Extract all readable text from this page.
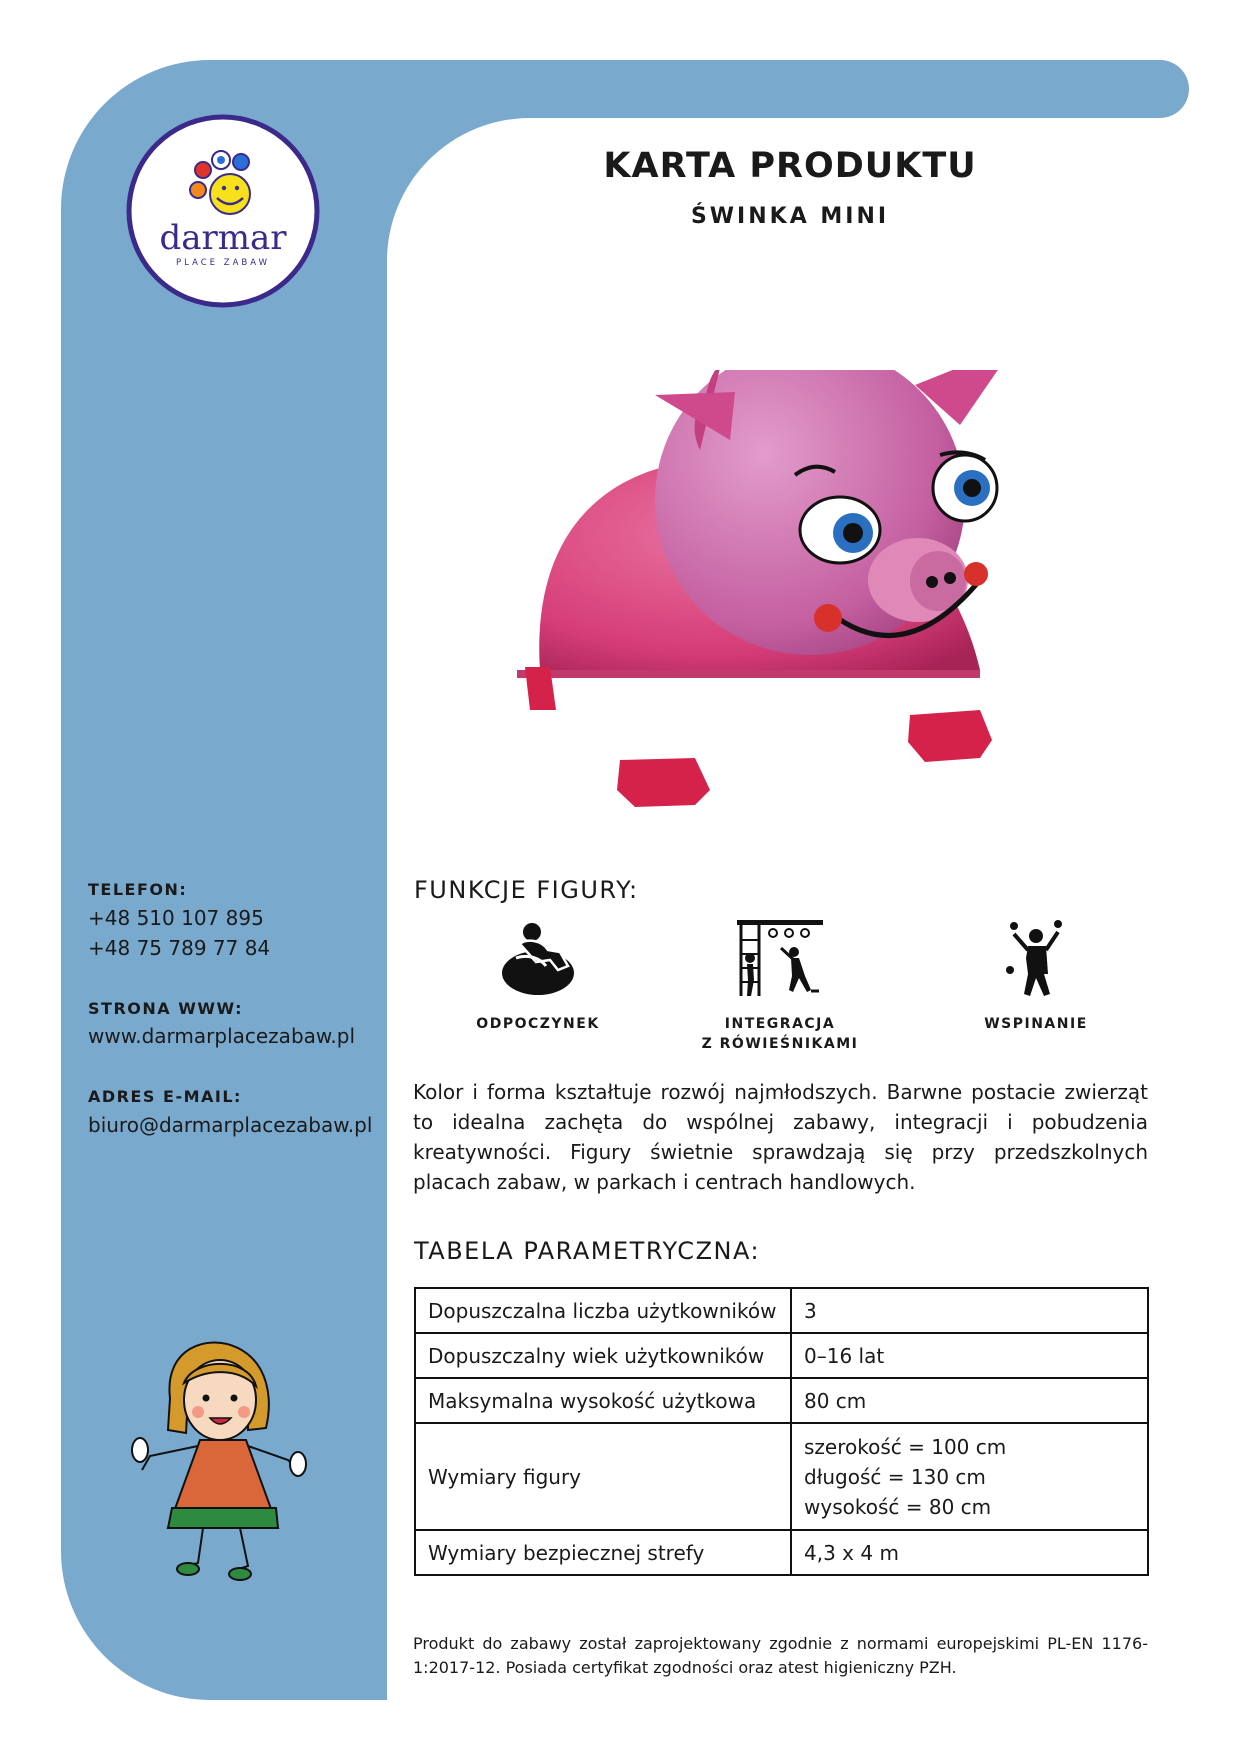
darmar
PLACE ZABAW
KARTA PRODUKTU
ŚWINKA MINI
TELEFON:
+48 510 107 895
+48 75 789 77 84
STRONA WWW:
www.darmarplacezabaw.pl
ADRES E-MAIL:
biuro@darmarplacezabaw.pl
FUNKCJE FIGURY:
ODPOCZYNEK	INTEGRACJA
Z RÓWIEŚNIKAMI
WSPINANIE
Kolor i forma kształtuje rozwój najmłodszych. Barwne postacie zwierząt to idealna zachęta do wspólnej zabawy, integracji i pobudzenia kreatywności. Figury świetnie sprawdzają się przy przedszkolnych placach zabaw, w parkach i centrach handlowych.
TABELA PARAMETRYCZNA:
Dopuszczalna liczba użytkowników	3
Dopuszczalny wiek użytkowników	0–16 lat
Maksymalna wysokość użytkowa	80 cm
Wymiary figury	szerokość = 100 cm
długość = 130 cm
wysokość = 80 cm

Wymiary bezpiecznej strefy	4,3 x 4 m
Produkt do zabawy został zaprojektowany zgodnie z normami europejskimi PL-EN 1176-1:2017-12. Posiada certyfikat zgodności oraz atest higieniczny PZH.
